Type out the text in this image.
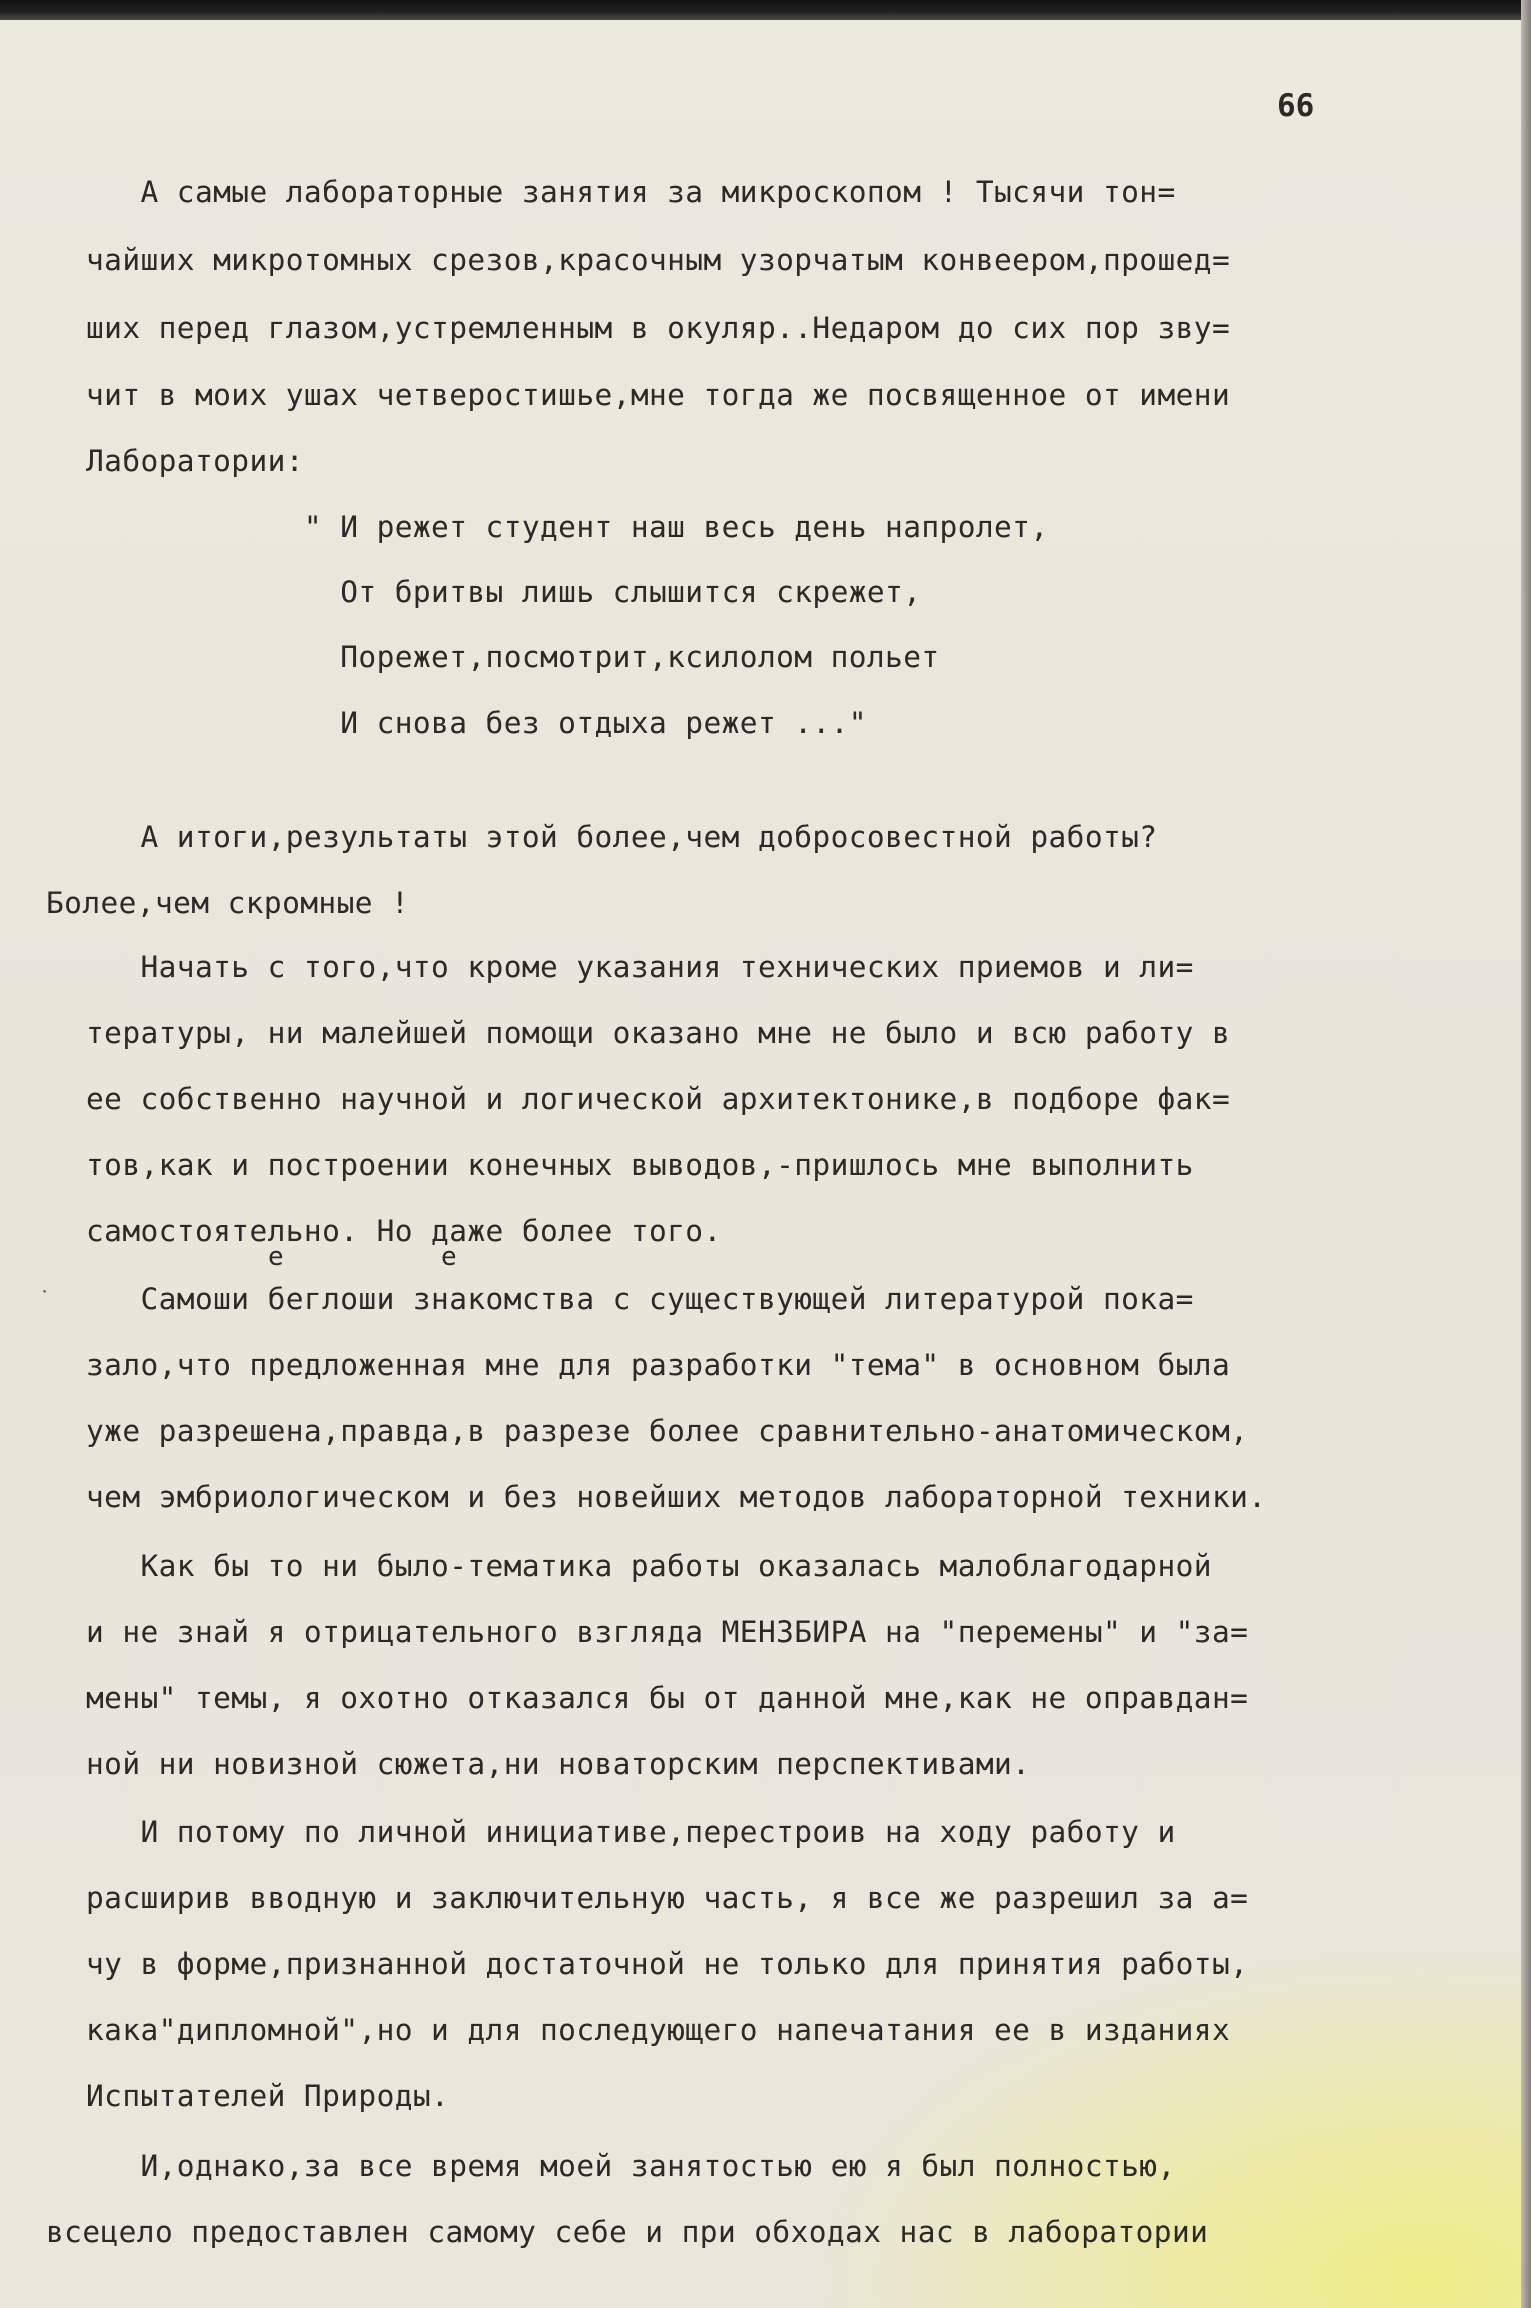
66

А самые лабораторные занятия за микроскопом ! Тысячи тон=

чайших микротомных срезов,красочным узорчатым конвеером,прошед=

ших перед глазом,устремленным в окуляр..Недаром до сих пор зву=

чит в моих ушах четверостишье,мне тогда же посвященное от имени

Лаборатории:

" И режет студент наш весь день напролет,

От бритвы лишь слышится скрежет,

Порежет,посмотрит,ксилолом польет

И снова без отдыха режет ..."

А итоги,результаты этой более,чем добросовестной работы?

Более,чем скромные !

Начать с того,что кроме указания технических приемов и ли=

тературы, ни малейшей помощи оказано мне не было и всю работу в

ее собственно научной и логической архитектонике,в подборе фак=

тов,как и построении конечных выводов,-пришлось мне выполнить

самостоятельно. Но даже более того.

е	е
˙ Самоши беглоши знакомства с существующей литературой пока=

зало,что предложенная мне для разработки "тема" в основном была

уже разрешена,правда,в разрезе более сравнительно-анатомическом,

чем эмбриологическом и без новейших методов лабораторной техники.

Как бы то ни было-тематика работы оказалась малоблагодарной

и не знай я отрицательного взгляда МЕНЗБИРА на "перемены" и "за=

мены" темы, я охотно отказался бы от данной мне,как не оправдан=

ной ни новизной сюжета,ни новаторским перспективами.

И потому по личной инициативе,перестроив на ходу работу и

расширив вводную и заключительную часть, я все же разрешил за а=

чу в форме,признанной достаточной не только для принятия работы,

кака"дипломной",но и для последующего напечатания ее в изданиях

Испытателей Природы.

И,однако,за все время моей занятостью ею я был полностью,

всецело предоставлен самому себе и при обходах нас в лаборатории
